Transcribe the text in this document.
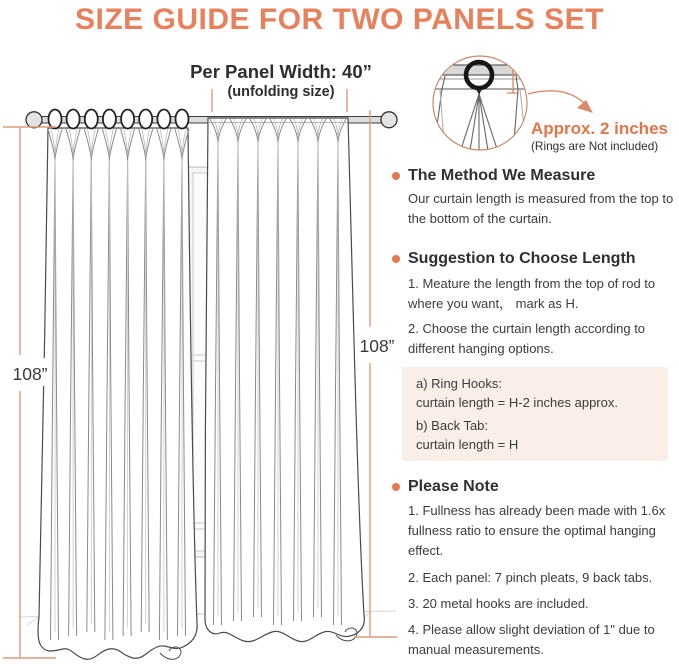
SIZE GUIDE FOR TWO PANELS SET
108”
108”
Per Panel Width: 40”
(unfolding size)
Approx. 2 inches
(Rings are Not included)
The Method We Measure

Our curtain length is measured from the top to the bottom of the curtain.

Suggestion to Choose Length

1. Meature the length from the top of rod to where you want， mark as H.

2. Choose the curtain length according to different hanging options.

a) Ring Hooks:

curtain length = H-2 inches approx.

b) Back Tab:

curtain length = H

Please Note

1. Fullness has already been made with 1.6x fullness ratio to ensure the optimal hanging effect.

2. Each panel: 7 pinch pleats, 9 back tabs.

3. 20 metal hooks are included.

4. Please allow slight deviation of 1" due to manual measurements.
